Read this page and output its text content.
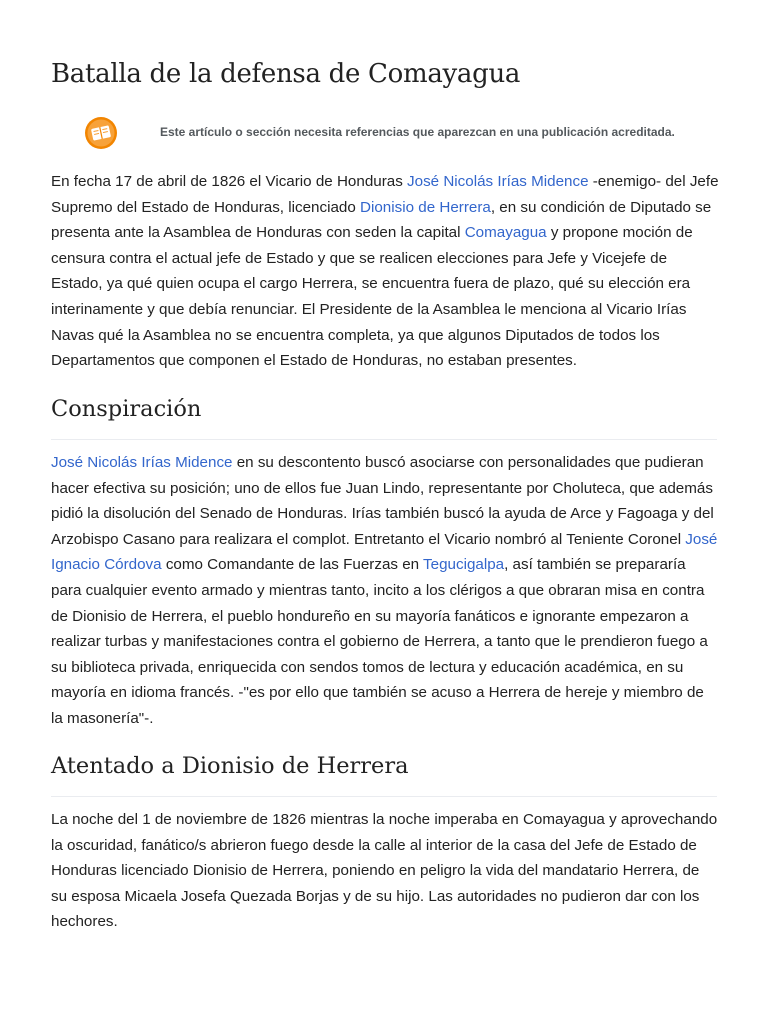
Batalla de la defensa de Comayagua
Este artículo o sección necesita referencias que aparezcan en una publicación acreditada.

En fecha 17 de abril de 1826 el Vicario de Honduras José Nicolás Irías Midence -enemigo- del Jefe Supremo del Estado de Honduras, licenciado Dionisio de Herrera, en su condición de Diputado se presenta ante la Asamblea de Honduras con seden la capital Comayagua y propone moción de censura contra el actual jefe de Estado y que se realicen elecciones para Jefe y Vicejefe de Estado, ya qué quien ocupa el cargo Herrera, se encuentra fuera de plazo, qué su elección era interinamente y que debía renunciar. El Presidente de la Asamblea le menciona al Vicario Irías Navas qué la Asamblea no se encuentra completa, ya que algunos Diputados de todos los Departamentos que componen el Estado de Honduras, no estaban presentes.

Conspiración

José Nicolás Irías Midence en su descontento buscó asociarse con personalidades que pudieran hacer efectiva su posición; uno de ellos fue Juan Lindo, representante por Choluteca, que además pidió la disolución del Senado de Honduras. Irías también buscó la ayuda de Arce y Fagoaga y del Arzobispo Casano para realizara el complot. Entretanto el Vicario nombró al Teniente Coronel José Ignacio Córdova como Comandante de las Fuerzas en Tegucigalpa, así también se prepararía para cualquier evento armado y mientras tanto, incito a los clérigos a que obraran misa en contra de Dionisio de Herrera, el pueblo hondureño en su mayoría fanáticos e ignorante empezaron a realizar turbas y manifestaciones contra el gobierno de Herrera, a tanto que le prendieron fuego a su biblioteca privada, enriquecida con sendos tomos de lectura y educación académica, en su mayoría en idioma francés. -"es por ello que también se acuso a Herrera de hereje y miembro de la masonería"-.

Atentado a Dionisio de Herrera

La noche del 1 de noviembre de 1826 mientras la noche imperaba en Comayagua y aprovechando la oscuridad, fanático/s abrieron fuego desde la calle al interior de la casa del Jefe de Estado de Honduras licenciado Dionisio de Herrera, poniendo en peligro la vida del mandatario Herrera, de su esposa Micaela Josefa Quezada Borjas y de su hijo. Las autoridades no pudieron dar con los hechores.
